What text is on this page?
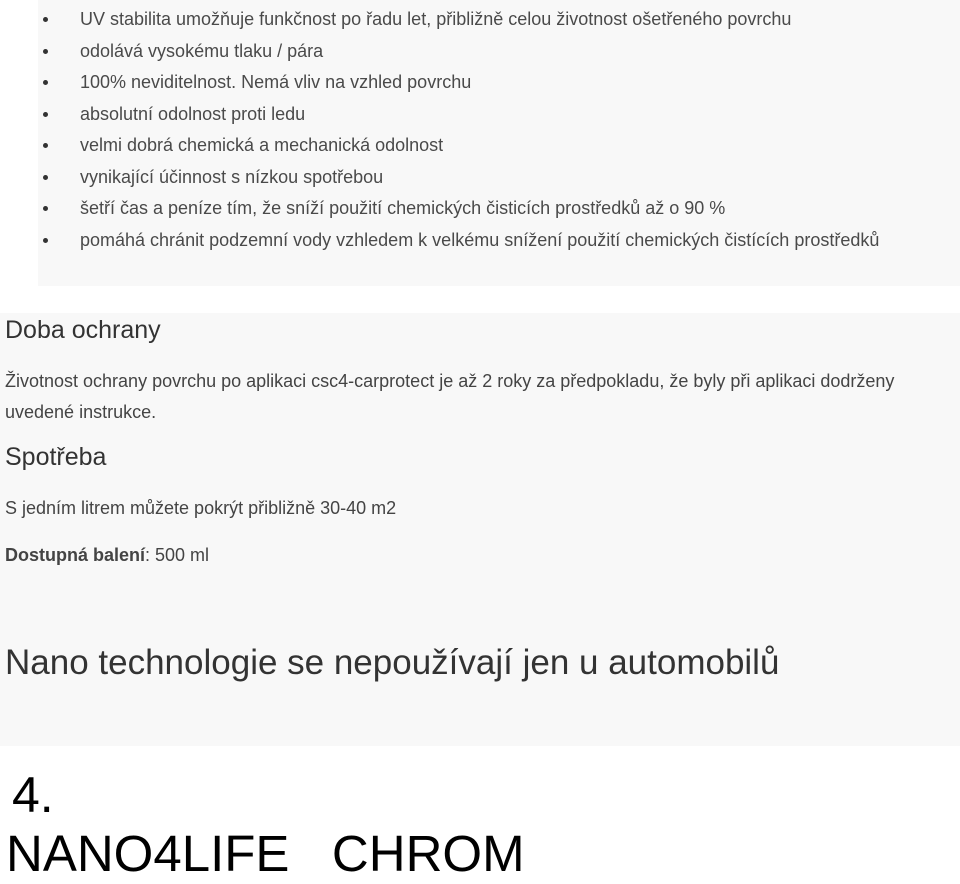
UV stabilita umožňuje funkčnost po řadu let, přibližně celou životnost ošetřeného povrchu
odolává vysokému tlaku / pára
100% neviditelnost. Nemá vliv na vzhled povrchu
absolutní odolnost proti ledu
velmi dobrá chemická a mechanická odolnost
vynikající účinnost s nízkou spotřebou
šetří čas a peníze tím, že sníží použití chemických čisticích prostředků až o 90 %
pomáhá chránit podzemní vody vzhledem k velkému snížení použití chemických čistících prostředků
Doba ochrany

Životnost ochrany povrchu po aplikaci csc4-carprotect je až 2 roky za předpokladu, že byly při aplikaci dodrženy uvedené instrukce.

Spotřeba

S jedním litrem můžete pokrýt přibližně 30-40 m2

Dostupná balení: 500 ml

Nano technologie se nepoužívají jen u automobilů
4.
NANO4LIFE   CHROM
